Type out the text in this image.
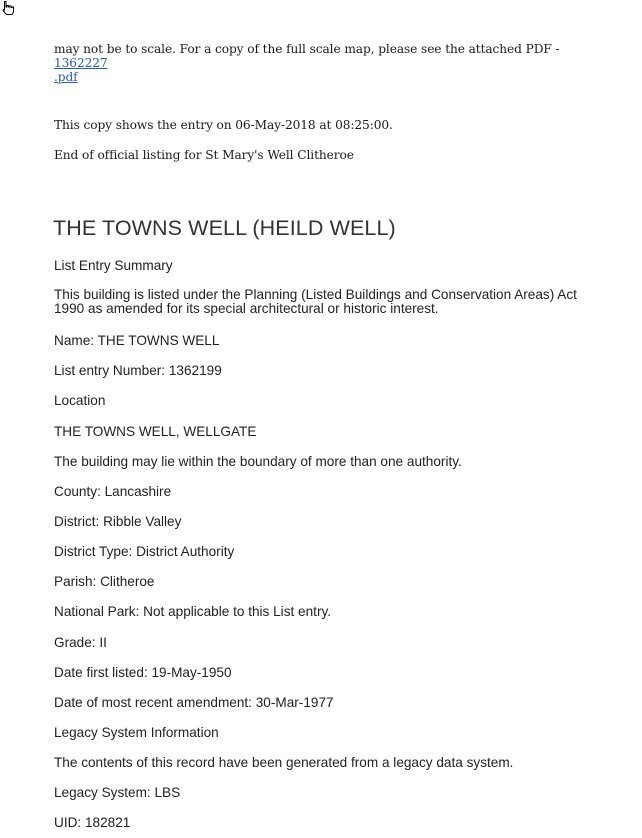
may not be to scale. For a copy of the full scale map, please see the attached PDF - 1362227
.pdf

This copy shows the entry on 06-May-2018 at 08:25:00.

End of official listing for St Mary's Well Clitheroe

THE TOWNS WELL (HEILD WELL)

List Entry Summary

This building is listed under the Planning (Listed Buildings and Conservation Areas) Act
1990 as amended for its special architectural or historic interest.

Name: THE TOWNS WELL

List entry Number: 1362199

Location

THE TOWNS WELL, WELLGATE

The building may lie within the boundary of more than one authority.

County: Lancashire

District: Ribble Valley

District Type: District Authority

Parish: Clitheroe

National Park: Not applicable to this List entry.

Grade: II

Date first listed: 19-May-1950

Date of most recent amendment: 30-Mar-1977

Legacy System Information

The contents of this record have been generated from a legacy data system.

Legacy System: LBS

UID: 182821
